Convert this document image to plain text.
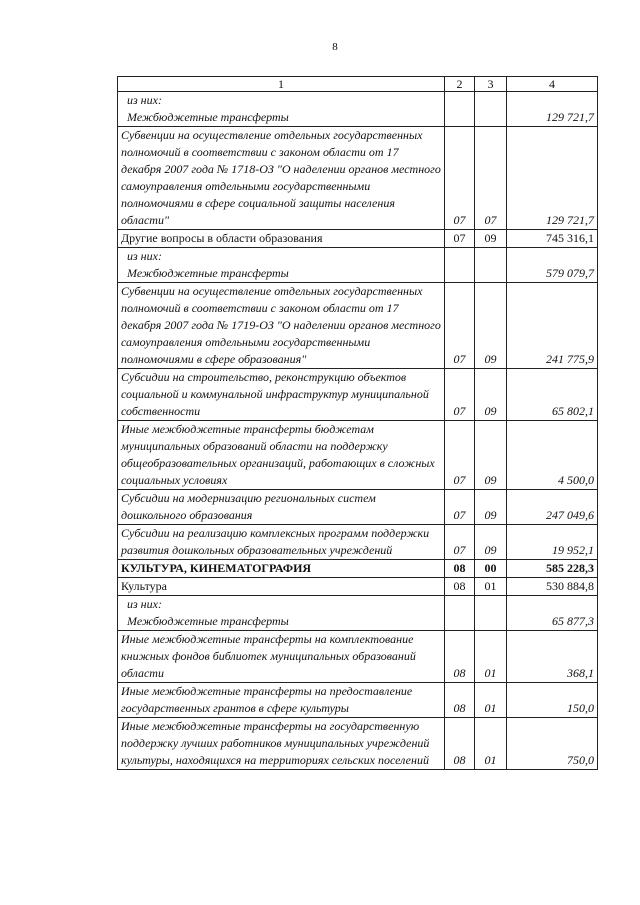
8
1	2	3	4

из них:
Межбюджетные трансферты			129 721,7
Субвенции на осуществление отдельных государственных полномочий в соответствии с законом области от 17 декабря 2007 года № 1718-ОЗ "О наделении органов местного самоуправления отдельными государственными полномочиями в сфере социальной защиты населения области"	07	07	129 721,7
Другие вопросы в области образования	07	09	745 316,1

из них:
Межбюджетные трансферты			579 079,7
Субвенции на осуществление отдельных государственных полномочий в соответствии с законом области от 17 декабря 2007 года № 1719-ОЗ "О наделении органов местного самоуправления отдельными государственными полномочиями в сфере образования"	07	09	241 775,9
Субсидии на строительство, реконструкцию объектов социальной и коммунальной инфраструктур муниципальной собственности	07	09	65 802,1
Иные межбюджетные трансферты бюджетам муниципальных образований области на поддержку общеобразовательных организаций, работающих в сложных социальных условиях	07	09	4 500,0
Субсидии на модернизацию региональных систем дошкольного образования	07	09	247 049,6
Субсидии на реализацию комплексных программ поддержки развития дошкольных образовательных учреждений	07	09	19 952,1
КУЛЬТУРА, КИНЕМАТОГРАФИЯ	08	00	585 228,3
Культура	08	01	530 884,8

из них:
Межбюджетные трансферты			65 877,3
Иные межбюджетные трансферты на комплектование книжных фондов библиотек муниципальных образований области	08	01	368,1
Иные межбюджетные трансферты на предоставление государственных грантов в сфере культуры	08	01	150,0
Иные межбюджетные трансферты на государственную поддержку лучших работников муниципальных учреждений культуры, находящихся на территориях сельских поселений	08	01	750,0
